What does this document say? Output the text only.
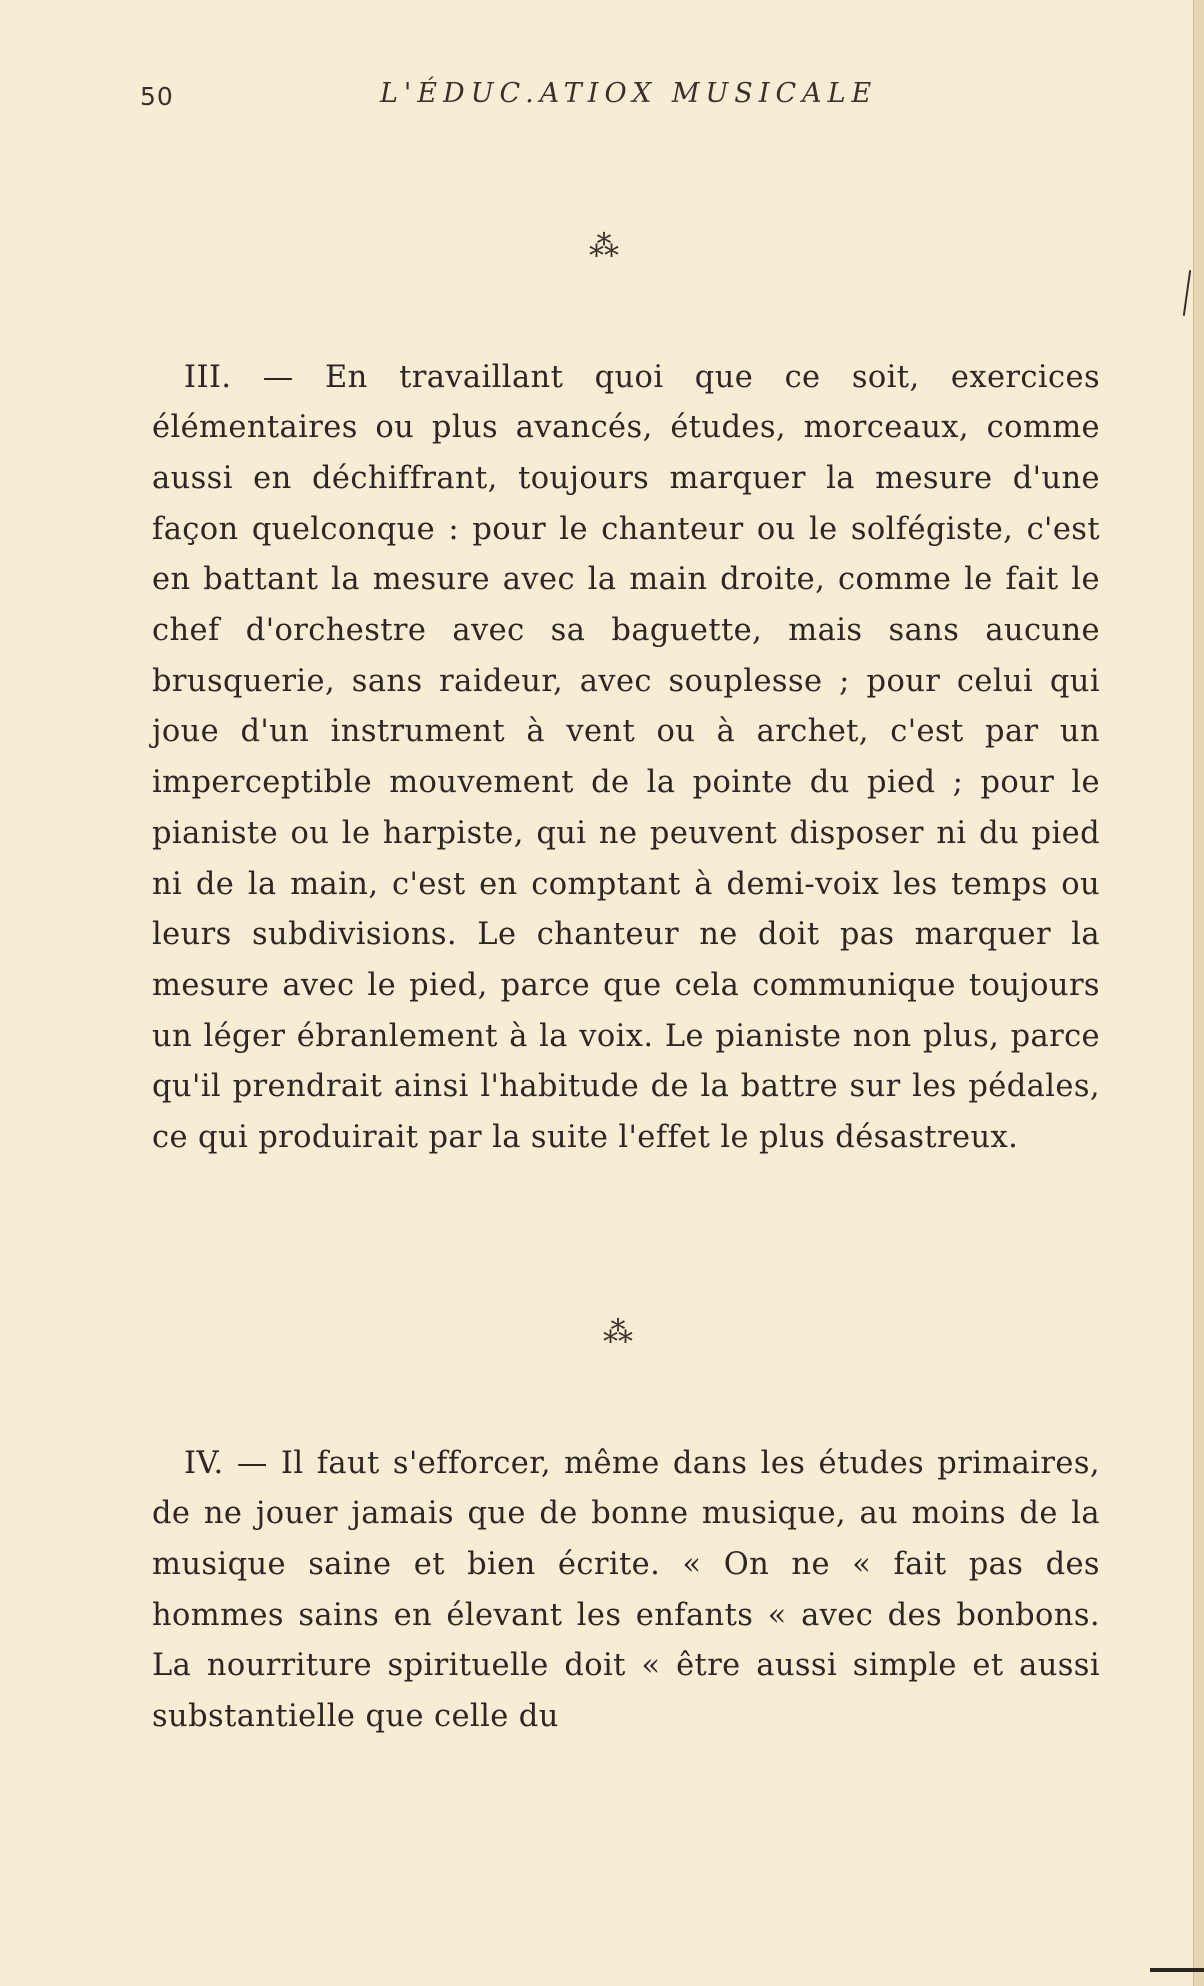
50	L'ÉDUC.ATIOX MUSICALE
⁂

III. — En travaillant quoi que ce soit, exercices élémentaires ou plus avancés, études, morceaux, comme aussi en déchiffrant, toujours marquer la mesure d'une façon quelconque : pour le chanteur ou le solfégiste, c'est en battant la mesure avec la main droite, comme le fait le chef d'orchestre avec sa baguette, mais sans aucune brusquerie, sans raideur, avec souplesse ; pour celui qui joue d'un instrument à vent ou à archet, c'est par un imperceptible mouvement de la pointe du pied ; pour le pianiste ou le harpiste, qui ne peuvent disposer ni du pied ni de la main, c'est en comptant à demi-voix les temps ou leurs subdivisions. Le chanteur ne doit pas marquer la mesure avec le pied, parce que cela communique toujours un léger ébranlement à la voix. Le pianiste non plus, parce qu'il prendrait ainsi l'habitude de la battre sur les pédales, ce qui produirait par la suite l'effet le plus désastreux.

⁂

IV. — Il faut s'efforcer, même dans les études primaires, de ne jouer jamais que de bonne musique, au moins de la musique saine et bien écrite. « On ne « fait pas des hommes sains en élevant les enfants « avec des bonbons. La nourriture spirituelle doit « être aussi simple et aussi substantielle que celle du
